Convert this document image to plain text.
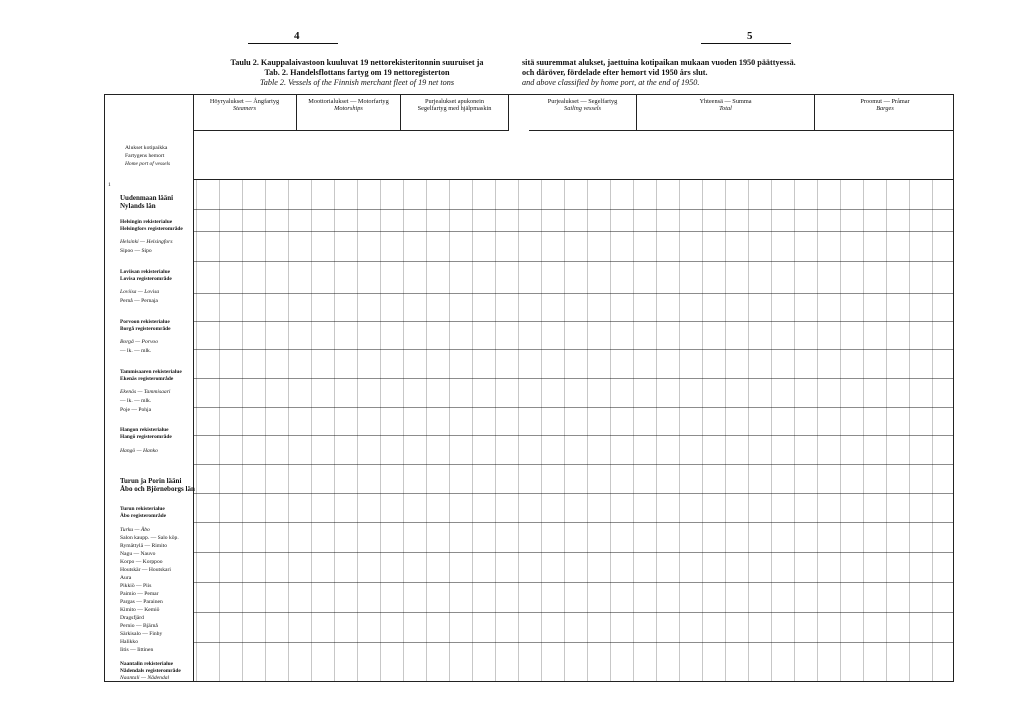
4	5
Taulu 2. Kauppalaivastoon kuuluvat 19 nettorekisteritonnin suuruiset ja
Tab. 2. Handelsflottans fartyg om 19 nettoregisterton
Table 2. Vessels of the Finnish merchant fleet of 19 net tons
sitä suuremmat alukset, jaettuina kotipaikan mukaan vuoden 1950 päättyessä.
och däröver, fördelade efter hemort vid 1950 års slut.
and above classified by home port, at the end of 1950.
Alukset kotipaikka
Fartygens hemort
Home port of vessels
Höyryalukset — Ångfartyg
Steamers
Moottorialukset — Motorfartyg
Motorships
Purjealukset apukonein
Segelfartyg med hjälpmaskin
Purjealukset — Segelfartyg
Sailing vessels
Yhteensä — Summa
Total
Proomut — Pråmar
Barges
1
Uudenmaan lääni
Nylands län
Helsingin rekisterialue
Helsingfors registerområde
Helsinki — Helsingfors
Sipoo — Sipo
Loviisan rekisterialue
Lovisa registerområde
Loviisa — Lovisa
Pernå — Pernaja
Porvoon rekisterialue
Borgå registerområde
Borgå — Porvoo
— lk. — mlk.
Tammisaaren rekisterialue
Ekenäs registerområde
Ekenäs — Tammisaari
— lk. — mlk.
Poje — Pohja
Hangon rekisterialue
Hangö registerområde
Hangö — Hanko
Turun ja Porin lääni
Åbo och Björneborgs län
Turun rekisterialue
Åbo registerområde
Turku — Åbo
Salon kaupp. — Salo köp.
Rymättylä — Rimito
Nagu — Nauvo
Korpo — Korppoo
Houtskär — Houtskari
Aura
Pikkiö — Piis
Paimio — Pemar
Pargas — Parainen
Kimito — Kemiö
Dragsfjärd
Pernio — Bjärnå
Särkisalo — Finby
Halikko
Iitis — Iittinen
Naantalin rekisterialue
Nådendals registerområde
Naantali — Nådendal
